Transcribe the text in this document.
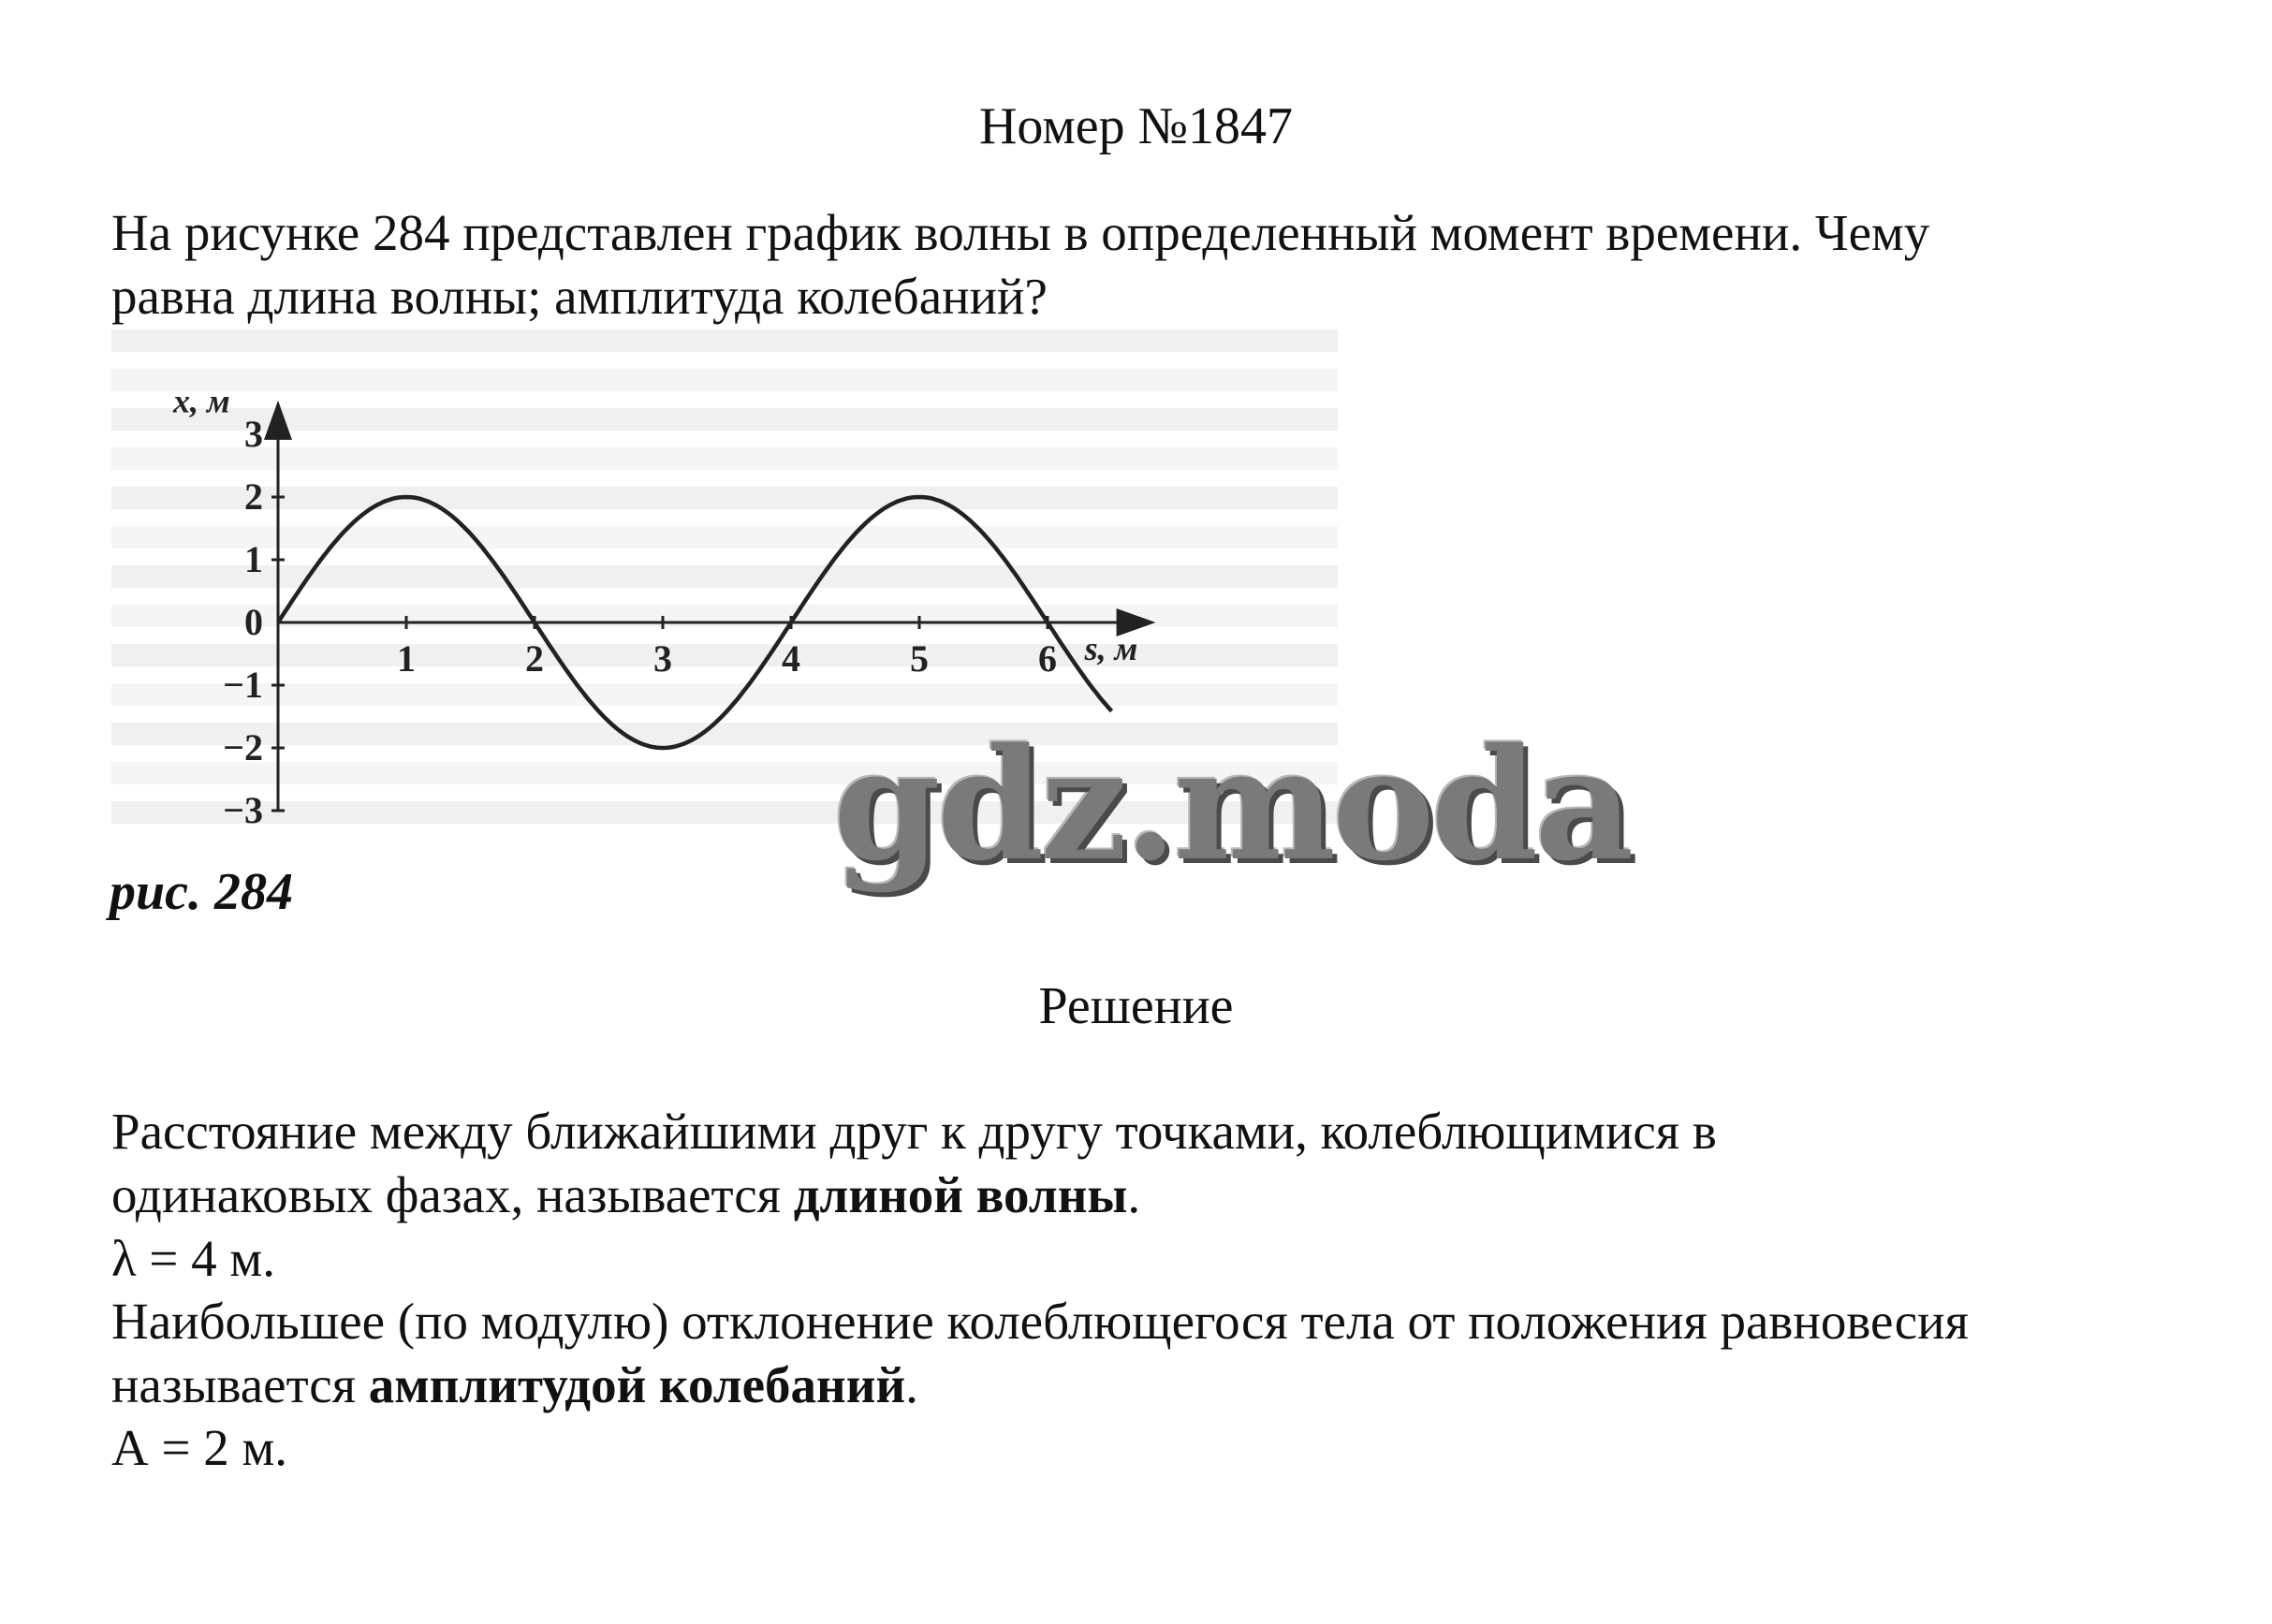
Номер №1847
На рисунке 284 представлен график волны в определенный момент времени. Чему
равна длина волны; амплитуда колебаний?
1	2	3	4	5	6
3
2
1
0
−1
−2
−3
x, м
s, м
gdz.moda
рис. 284
Решение
Расстояние между ближайшими друг к другу точками, колеблющимися в
одинаковых фазах, называется длиной волны.
λ = 4 м.
Наибольшее (по модулю) отклонение колеблющегося тела от положения равновесия
называется амплитудой колебаний.
А = 2 м.
